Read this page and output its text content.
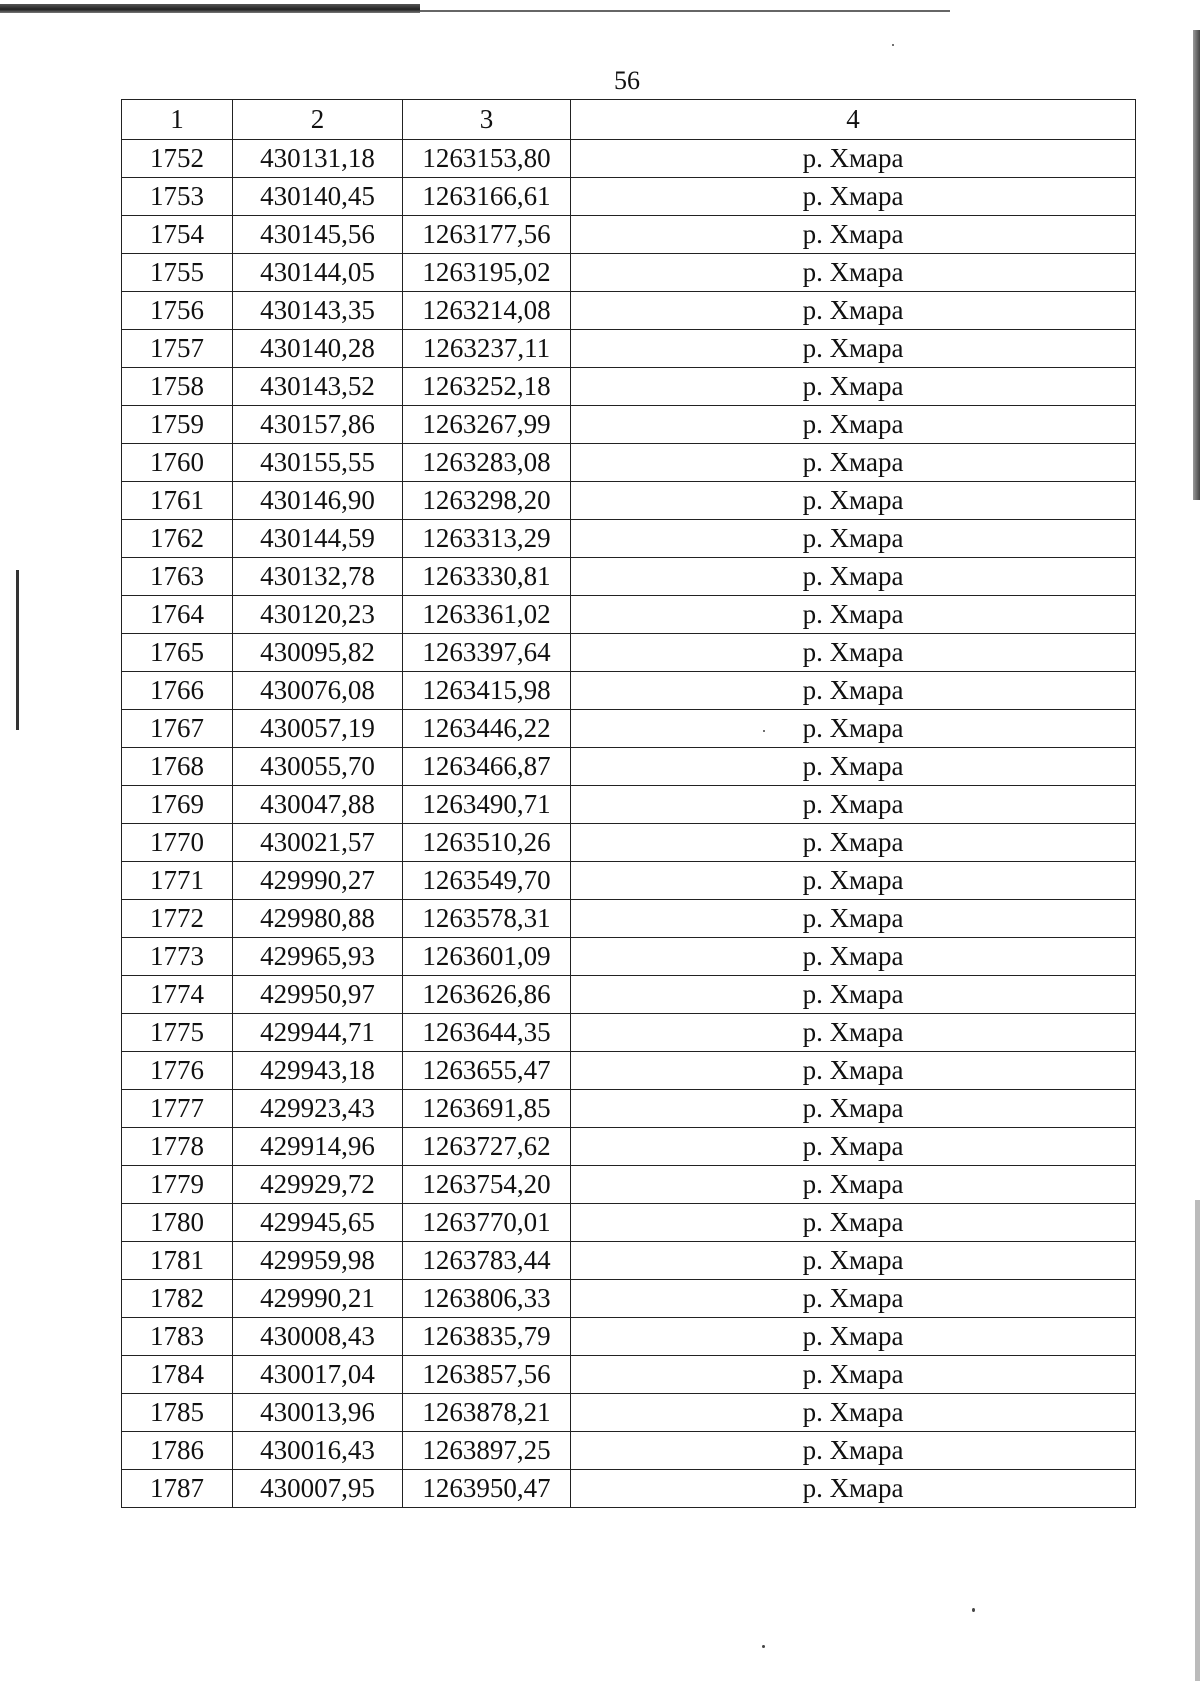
56
1	2	3	4
1752	430131,18	1263153,80	р. Хмара
1753	430140,45	1263166,61	р. Хмара
1754	430145,56	1263177,56	р. Хмара
1755	430144,05	1263195,02	р. Хмара
1756	430143,35	1263214,08	р. Хмара
1757	430140,28	1263237,11	р. Хмара
1758	430143,52	1263252,18	р. Хмара
1759	430157,86	1263267,99	р. Хмара
1760	430155,55	1263283,08	р. Хмара
1761	430146,90	1263298,20	р. Хмара
1762	430144,59	1263313,29	р. Хмара
1763	430132,78	1263330,81	р. Хмара
1764	430120,23	1263361,02	р. Хмара
1765	430095,82	1263397,64	р. Хмара
1766	430076,08	1263415,98	р. Хмара
1767	430057,19	1263446,22	р. Хмара
1768	430055,70	1263466,87	р. Хмара
1769	430047,88	1263490,71	р. Хмара
1770	430021,57	1263510,26	р. Хмара
1771	429990,27	1263549,70	р. Хмара
1772	429980,88	1263578,31	р. Хмара
1773	429965,93	1263601,09	р. Хмара
1774	429950,97	1263626,86	р. Хмара
1775	429944,71	1263644,35	р. Хмара
1776	429943,18	1263655,47	р. Хмара
1777	429923,43	1263691,85	р. Хмара
1778	429914,96	1263727,62	р. Хмара
1779	429929,72	1263754,20	р. Хмара
1780	429945,65	1263770,01	р. Хмара
1781	429959,98	1263783,44	р. Хмара
1782	429990,21	1263806,33	р. Хмара
1783	430008,43	1263835,79	р. Хмара
1784	430017,04	1263857,56	р. Хмара
1785	430013,96	1263878,21	р. Хмара
1786	430016,43	1263897,25	р. Хмара
1787	430007,95	1263950,47	р. Хмара
